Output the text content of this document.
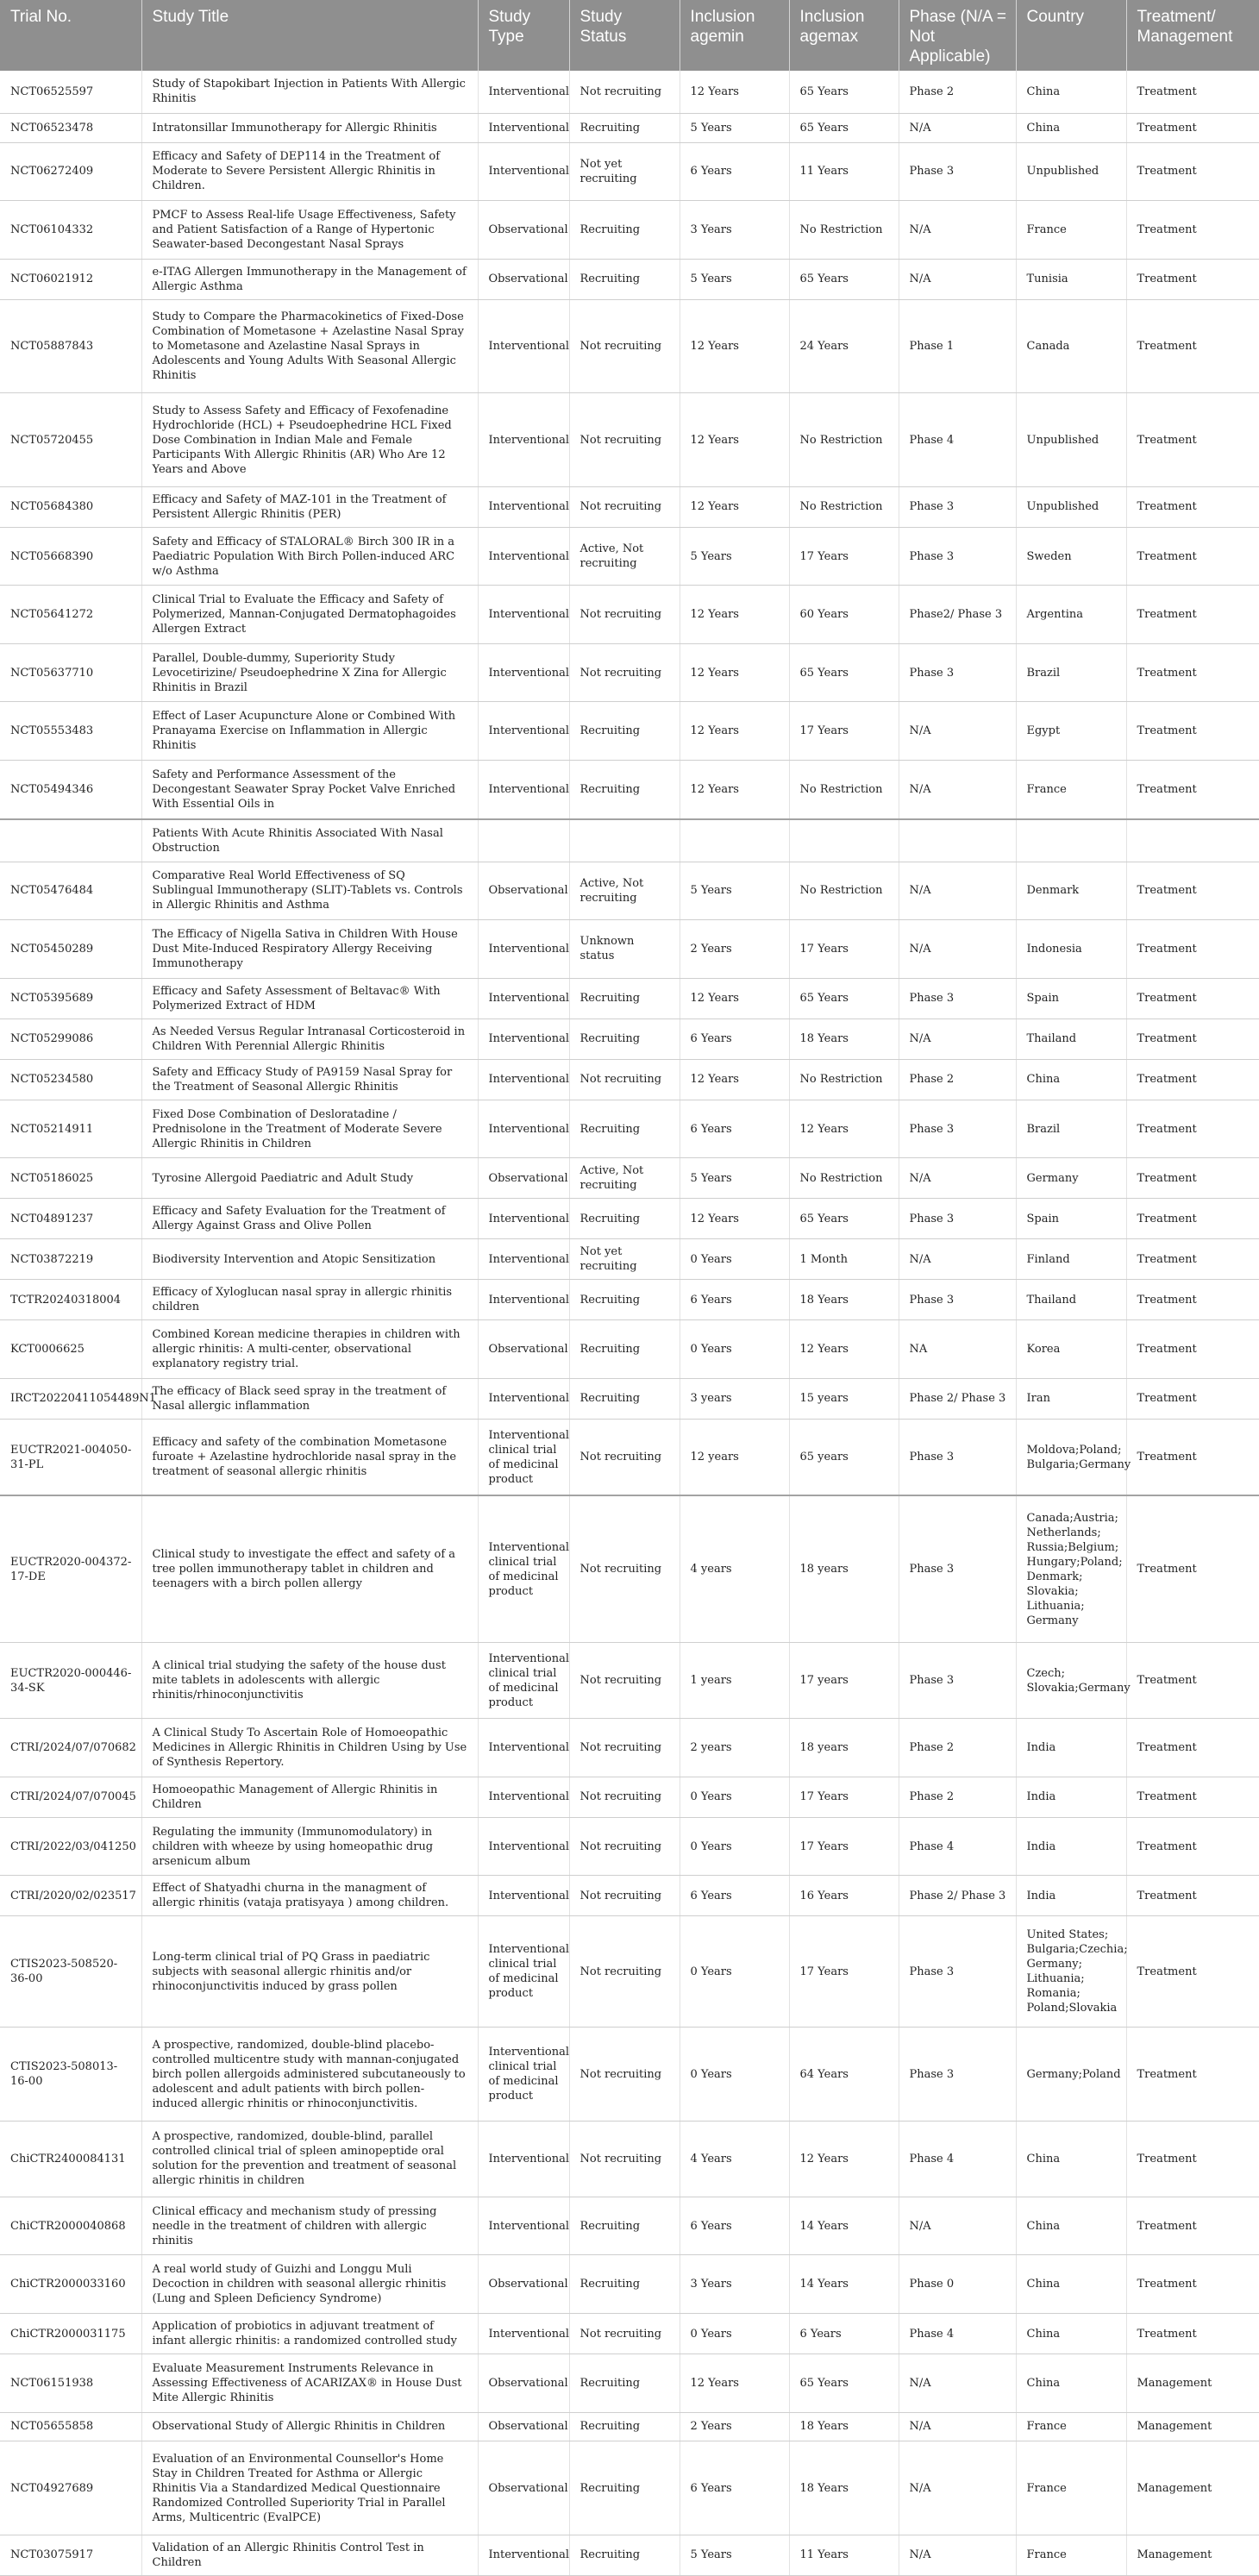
Trial No.	Study Title	Study Type	Study Status	Inclusion agemin	Inclusion agemax	Phase (N/A = Not Applicable)	Country	Treatment/ Management
NCT06525597	Study of Stapokibart Injection in Patients With Allergic Rhinitis	Interventional	Not recruiting	12 Years	65 Years	Phase 2	China	Treatment
NCT06523478	Intratonsillar Immunotherapy for Allergic Rhinitis	Interventional	Recruiting	5 Years	65 Years	N/A	China	Treatment
NCT06272409	Efficacy and Safety of DEP114 in the Treatment of Moderate to Severe Persistent Allergic Rhinitis in Children.	Interventional	Not yet recruiting	6 Years	11 Years	Phase 3	Unpublished	Treatment
NCT06104332	PMCF to Assess Real-life Usage Effectiveness, Safety and Patient Satisfaction of a Range of Hypertonic Seawater-based Decongestant Nasal Sprays	Observational	Recruiting	3 Years	No Restriction	N/A	France	Treatment
NCT06021912	e-ITAG Allergen Immunotherapy in the Management of Allergic Asthma	Observational	Recruiting	5 Years	65 Years	N/A	Tunisia	Treatment
NCT05887843	Study to Compare the Pharmacokinetics of Fixed-Dose Combination of Mometasone + Azelastine Nasal Spray to Mometasone and Azelastine Nasal Sprays in Adolescents and Young Adults With Seasonal Allergic Rhinitis	Interventional	Not recruiting	12 Years	24 Years	Phase 1	Canada	Treatment
NCT05720455	Study to Assess Safety and Efficacy of Fexofenadine Hydrochloride (HCL) + Pseudoephedrine HCL Fixed Dose Combination in Indian Male and Female Participants With Allergic Rhinitis (AR) Who Are 12 Years and Above	Interventional	Not recruiting	12 Years	No Restriction	Phase 4	Unpublished	Treatment
NCT05684380	Efficacy and Safety of MAZ-101 in the Treatment of Persistent Allergic Rhinitis (PER)	Interventional	Not recruiting	12 Years	No Restriction	Phase 3	Unpublished	Treatment
NCT05668390	Safety and Efficacy of STALORAL® Birch 300 IR in a Paediatric Population With Birch Pollen-induced ARC w/o Asthma	Interventional	Active, Not recruiting	5 Years	17 Years	Phase 3	Sweden	Treatment
NCT05641272	Clinical Trial to Evaluate the Efficacy and Safety of Polymerized, Mannan-Conjugated Dermatophagoides Allergen Extract	Interventional	Not recruiting	12 Years	60 Years	Phase2/ Phase 3	Argentina	Treatment
NCT05637710	Parallel, Double-dummy, Superiority Study Levocetirizine/ Pseudoephedrine X Zina for Allergic Rhinitis in Brazil	Interventional	Not recruiting	12 Years	65 Years	Phase 3	Brazil	Treatment
NCT05553483	Effect of Laser Acupuncture Alone or Combined With Pranayama Exercise on Inflammation in Allergic Rhinitis	Interventional	Recruiting	12 Years	17 Years	N/A	Egypt	Treatment
NCT05494346	Safety and Performance Assessment of the Decongestant Seawater Spray Pocket Valve Enriched With Essential Oils in	Interventional	Recruiting	12 Years	No Restriction	N/A	France	Treatment
	Patients With Acute Rhinitis Associated With Nasal Obstruction							
NCT05476484	Comparative Real World Effectiveness of SQ Sublingual Immunotherapy (SLIT)-Tablets vs. Controls in Allergic Rhinitis and Asthma	Observational	Active, Not recruiting	5 Years	No Restriction	N/A	Denmark	Treatment
NCT05450289	The Efficacy of Nigella Sativa in Children With House Dust Mite-Induced Respiratory Allergy Receiving Immunotherapy	Interventional	Unknown status	2 Years	17 Years	N/A	Indonesia	Treatment
NCT05395689	Efficacy and Safety Assessment of Beltavac® With Polymerized Extract of HDM	Interventional	Recruiting	12 Years	65 Years	Phase 3	Spain	Treatment
NCT05299086	As Needed Versus Regular Intranasal Corticosteroid in Children With Perennial Allergic Rhinitis	Interventional	Recruiting	6 Years	18 Years	N/A	Thailand	Treatment
NCT05234580	Safety and Efficacy Study of PA9159 Nasal Spray for the Treatment of Seasonal Allergic Rhinitis	Interventional	Not recruiting	12 Years	No Restriction	Phase 2	China	Treatment
NCT05214911	Fixed Dose Combination of Desloratadine / Prednisolone in the Treatment of Moderate Severe Allergic Rhinitis in Children	Interventional	Recruiting	6 Years	12 Years	Phase 3	Brazil	Treatment
NCT05186025	Tyrosine Allergoid Paediatric and Adult Study	Observational	Active, Not recruiting	5 Years	No Restriction	N/A	Germany	Treatment
NCT04891237	Efficacy and Safety Evaluation for the Treatment of Allergy Against Grass and Olive Pollen	Interventional	Recruiting	12 Years	65 Years	Phase 3	Spain	Treatment
NCT03872219	Biodiversity Intervention and Atopic Sensitization	Interventional	Not yet recruiting	0 Years	1 Month	N/A	Finland	Treatment
TCTR20240318004	Efficacy of Xyloglucan nasal spray in allergic rhinitis children	Interventional	Recruiting	6 Years	18 Years	Phase 3	Thailand	Treatment
KCT0006625	Combined Korean medicine therapies in children with allergic rhinitis: A multi-center, observational explanatory registry trial.	Observational	Recruiting	0 Years	12 Years	NA	Korea	Treatment
IRCT20220411054489N1	The efficacy of Black seed spray in the treatment of Nasal allergic inflammation	Interventional	Recruiting	3 years	15 years	Phase 2/ Phase 3	Iran	Treatment
EUCTR2021-004050-31-PL	Efficacy and safety of the combination Mometasone furoate + Azelastine hydrochloride nasal spray in the treatment of seasonal allergic rhinitis	Interventional clinical trial of medicinal product	Not recruiting	12 years	65 years	Phase 3	Moldova;Poland; Bulgaria;Germany	Treatment
EUCTR2020-004372-17-DE	Clinical study to investigate the effect and safety of a tree pollen immunotherapy tablet in children and teenagers with a birch pollen allergy	Interventional clinical trial of medicinal product	Not recruiting	4 years	18 years	Phase 3	Canada;Austria; Netherlands; Russia;Belgium; Hungary;Poland; Denmark; Slovakia; Lithuania; Germany	Treatment
EUCTR2020-000446-34-SK	A clinical trial studying the safety of the house dust mite tablets in adolescents with allergic rhinitis/rhinoconjunctivitis	Interventional clinical trial of medicinal product	Not recruiting	1 years	17 years	Phase 3	Czech; Slovakia;Germany	Treatment
CTRI/2024/07/070682	A Clinical Study To Ascertain Role of Homoeopathic Medicines in Allergic Rhinitis in Children Using by Use of Synthesis Repertory.	Interventional	Not recruiting	2 years	18 years	Phase 2	India	Treatment
CTRI/2024/07/070045	Homoeopathic Management of Allergic Rhinitis in Children	Interventional	Not recruiting	0 Years	17 Years	Phase 2	India	Treatment
CTRI/2022/03/041250	Regulating the immunity (Immunomodulatory) in children with wheeze by using homeopathic drug arsenicum album	Interventional	Not recruiting	0 Years	17 Years	Phase 4	India	Treatment
CTRI/2020/02/023517	Effect of Shatyadhi churna in the managment of allergic rhinitis (vataja pratisyaya ) among children.	Interventional	Not recruiting	6 Years	16 Years	Phase 2/ Phase 3	India	Treatment
CTIS2023-508520-36-00	Long-term clinical trial of PQ Grass in paediatric subjects with seasonal allergic rhinitis and/or rhinoconjunctivitis induced by grass pollen	Interventional clinical trial of medicinal product	Not recruiting	0 Years	17 Years	Phase 3	United States; Bulgaria;Czechia; Germany; Lithuania; Romania; Poland;Slovakia	Treatment
CTIS2023-508013-16-00	A prospective, randomized, double-blind placebo-controlled multicentre study with mannan-conjugated birch pollen allergoids administered subcutaneously to adolescent and adult patients with birch pollen-induced allergic rhinitis or rhinoconjunctivitis.	Interventional clinical trial of medicinal product	Not recruiting	0 Years	64 Years	Phase 3	Germany;Poland	Treatment
ChiCTR2400084131	A prospective, randomized, double-blind, parallel controlled clinical trial of spleen aminopeptide oral solution for the prevention and treatment of seasonal allergic rhinitis in children	Interventional	Not recruiting	4 Years	12 Years	Phase 4	China	Treatment
ChiCTR2000040868	Clinical efficacy and mechanism study of pressing needle in the treatment of children with allergic rhinitis	Interventional	Recruiting	6 Years	14 Years	N/A	China	Treatment
ChiCTR2000033160	A real world study of Guizhi and Longgu Muli Decoction in children with seasonal allergic rhinitis (Lung and Spleen Deficiency Syndrome)	Observational	Recruiting	3 Years	14 Years	Phase 0	China	Treatment
ChiCTR2000031175	Application of probiotics in adjuvant treatment of infant allergic rhinitis: a randomized controlled study	Interventional	Not recruiting	0 Years	6 Years	Phase 4	China	Treatment
NCT06151938	Evaluate Measurement Instruments Relevance in Assessing Effectiveness of ACARIZAX® in House Dust Mite Allergic Rhinitis	Observational	Recruiting	12 Years	65 Years	N/A	China	Management
NCT05655858	Observational Study of Allergic Rhinitis in Children	Observational	Recruiting	2 Years	18 Years	N/A	France	Management
NCT04927689	Evaluation of an Environmental Counsellor's Home Stay in Children Treated for Asthma or Allergic Rhinitis Via a Standardized Medical Questionnaire Randomized Controlled Superiority Trial in Parallel Arms, Multicentric (EvalPCE)	Observational	Recruiting	6 Years	18 Years	N/A	France	Management
NCT03075917	Validation of an Allergic Rhinitis Control Test in Children	Interventional	Recruiting	5 Years	11 Years	N/A	France	Management
